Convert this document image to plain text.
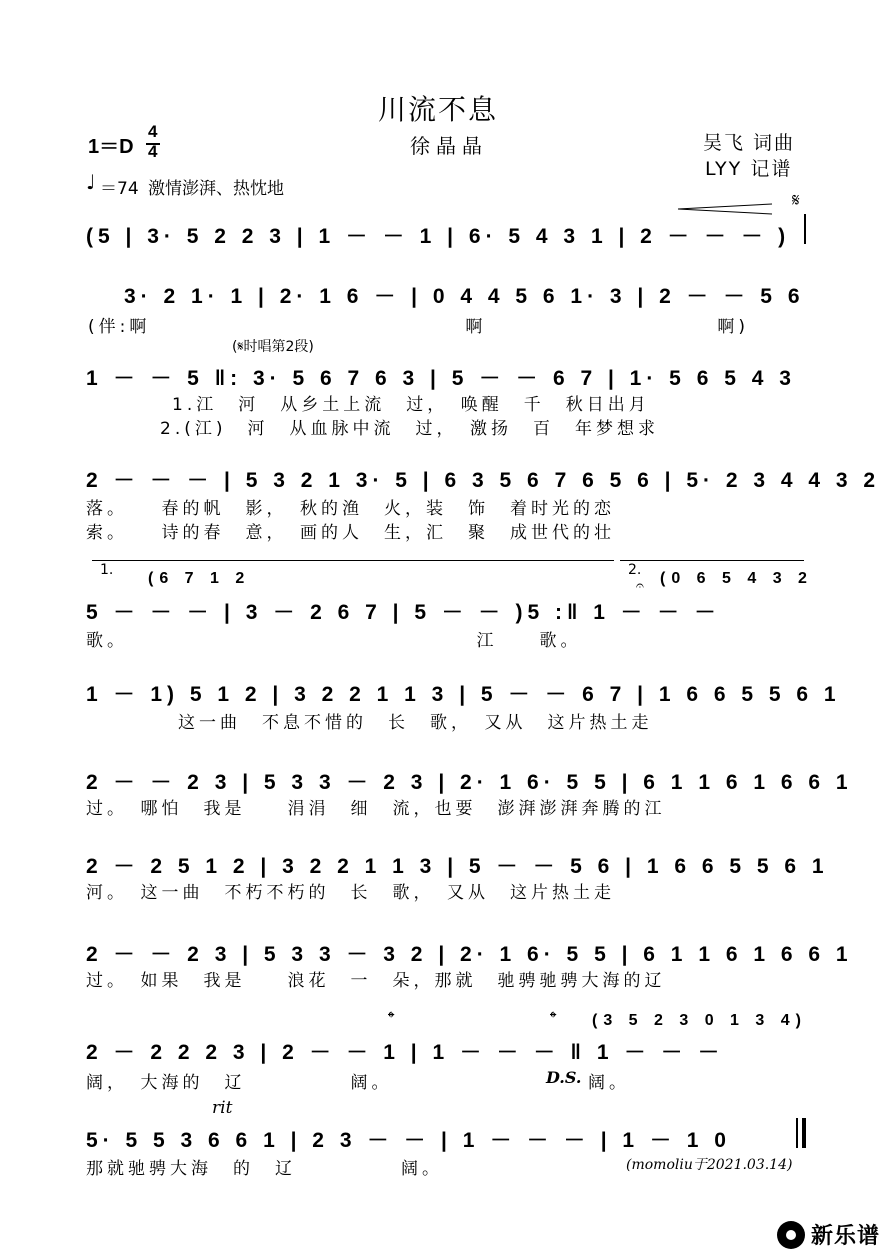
川流不息
徐晶晶	吴飞 词曲
LYY 记谱
1＝D
4
4
♩ ＝74 激情澎湃、热忱地
𝄋
(5 | 3· 5 2 2 3 | 1 － － 1 | 6· 5 4 3 1 | 2 － － － )
3· 2 1· 1 | 2· 1 6 － | 0 4 4 5 6 1· 3 | 2 － － 5 6
(伴:啊　　　　　　　　　　　　　　　啊　　　　　　　　　　　啊)
(𝄋时唱第2段)
1 － － 5 ‖: 3· 5 6 7 6 3 | 5 － － 6 7 | 1· 5 6 5 4 3
1.江　河　从乡土上流　过，　唤醒　千　秋日出月
2.(江)　河　从血脉中流　过，　激扬　百　年梦想求
2 － － － | 5 3 2 1 3· 5 | 6 3 5 6 7 6 5 6 | 5· 2 3 4 4 3 2
落。　　春的帆　影，　秋的渔　火，装　饰　着时光的恋
索。　　诗的春　意，　画的人　生，汇　聚　成世代的壮
1.	2.
(6 7 1 2	(0 6 5 4 3 2
𝄐
5 － － － | 3 － 2 6 7 | 5 － － )5 :‖ 1 － － －
歌。　　　　　　　　　　　　　　　　　江　　歌。
1 － 1) 5 1 2 | 3 2 2 1 1 3 | 5 － － 6 7 | 1 6 6 5 5 6 1
这一曲　不息不惜的　长　歌，　又从　这片热土走
2 － － 2 3 | 5 3 3 － 2 3 | 2· 1 6· 5 5 | 6 1 1 6 1 6 6 1
过。　哪怕　我是　　涓涓　细　流，也要　澎湃澎湃奔腾的江
2 － 2 5 1 2 | 3 2 2 1 1 3 | 5 － － 5 6 | 1 6 6 5 5 6 1
河。　这一曲　不朽不朽的　长　歌，　又从　这片热土走
2 － － 2 3 | 5 3 3 － 3 2 | 2· 1 6· 5 5 | 6 1 1 6 1 6 6 1
过。　如果　我是　　浪花　一　朵，那就　驰骋驰骋大海的辽
𝄌	𝄌 (3 5 2 3 0 1 3 4)
2 － 2 2 2 3 | 2 － － 1 | 1 － － － ‖ 1 － － －
阔，　大海的　辽　　　　　阔。	D.S. 阔。
rit
5· 5 5 3 6 6 1 | 2 3 － － | 1 － － － | 1 － 1 0
那就驰骋大海　的　辽　　　　　阔。	(momoliu于2021.03.14)
新乐谱
